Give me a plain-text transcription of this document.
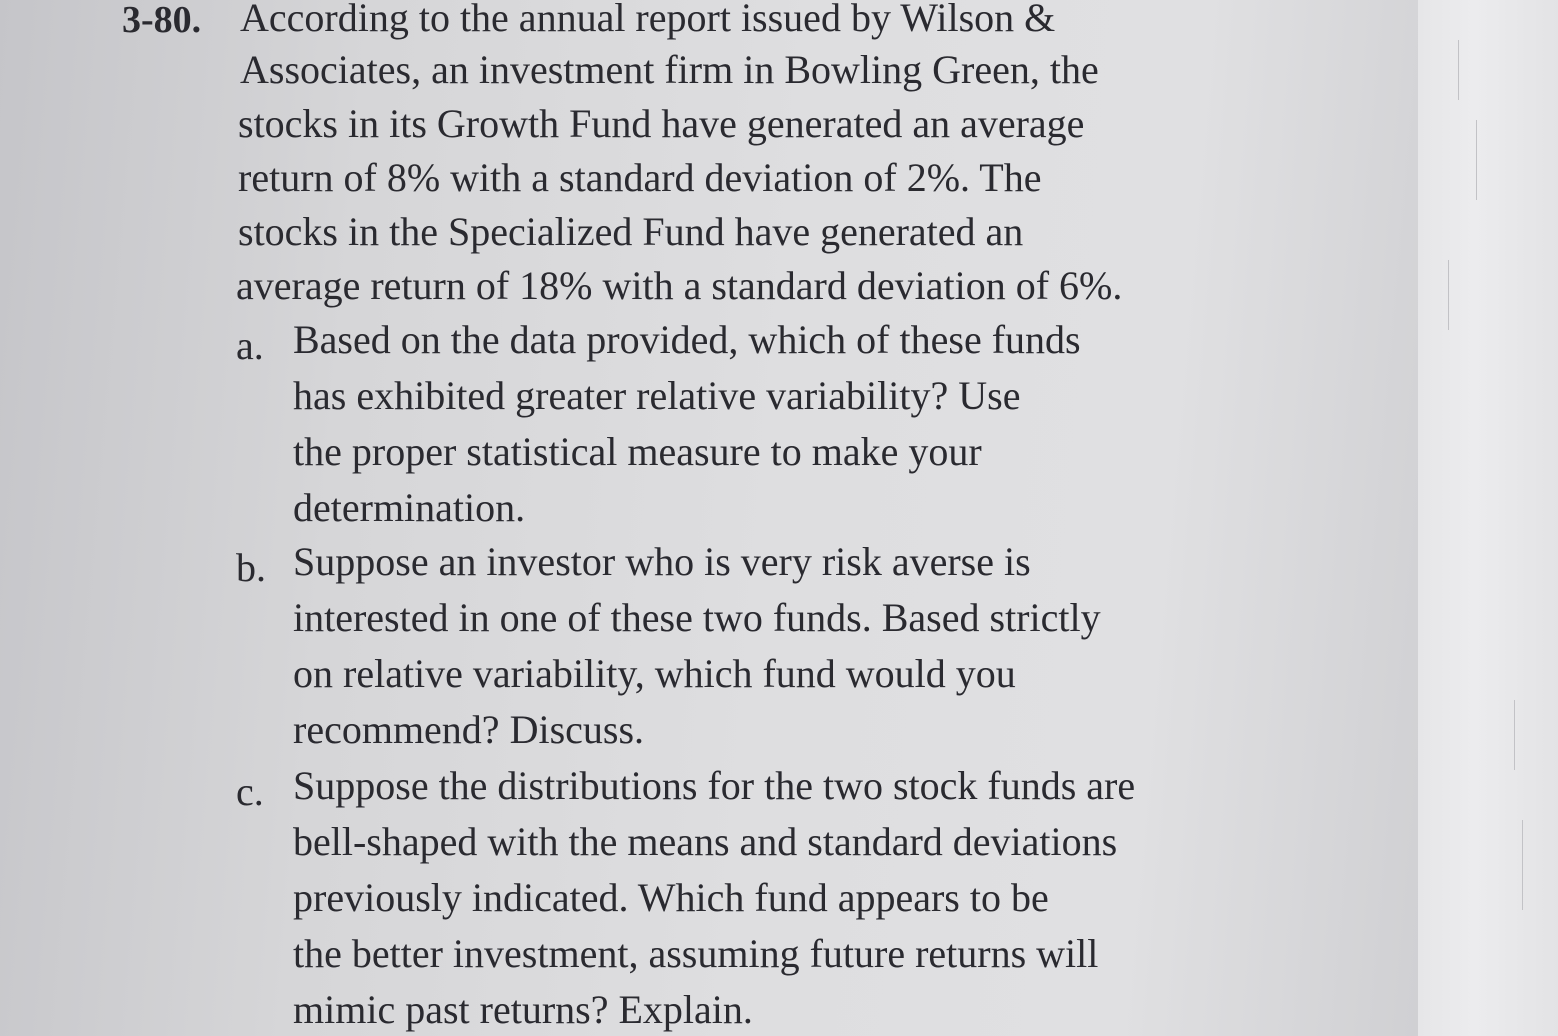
3-80. According to the annual report issued by Wilson &
Associates, an investment firm in Bowling Green, the
stocks in its Growth Fund have generated an average
return of 8% with a standard deviation of 2%. The
stocks in the Specialized Fund have generated an
average return of 18% with a standard deviation of 6%.
a. Based on the data provided, which of these funds
has exhibited greater relative variability? Use
the proper statistical measure to make your
determination.
b. Suppose an investor who is very risk averse is
interested in one of these two funds. Based strictly
on relative variability, which fund would you
recommend? Discuss.
c. Suppose the distributions for the two stock funds are
bell-shaped with the means and standard deviations
previously indicated. Which fund appears to be
the better investment, assuming future returns will
mimic past returns? Explain.
